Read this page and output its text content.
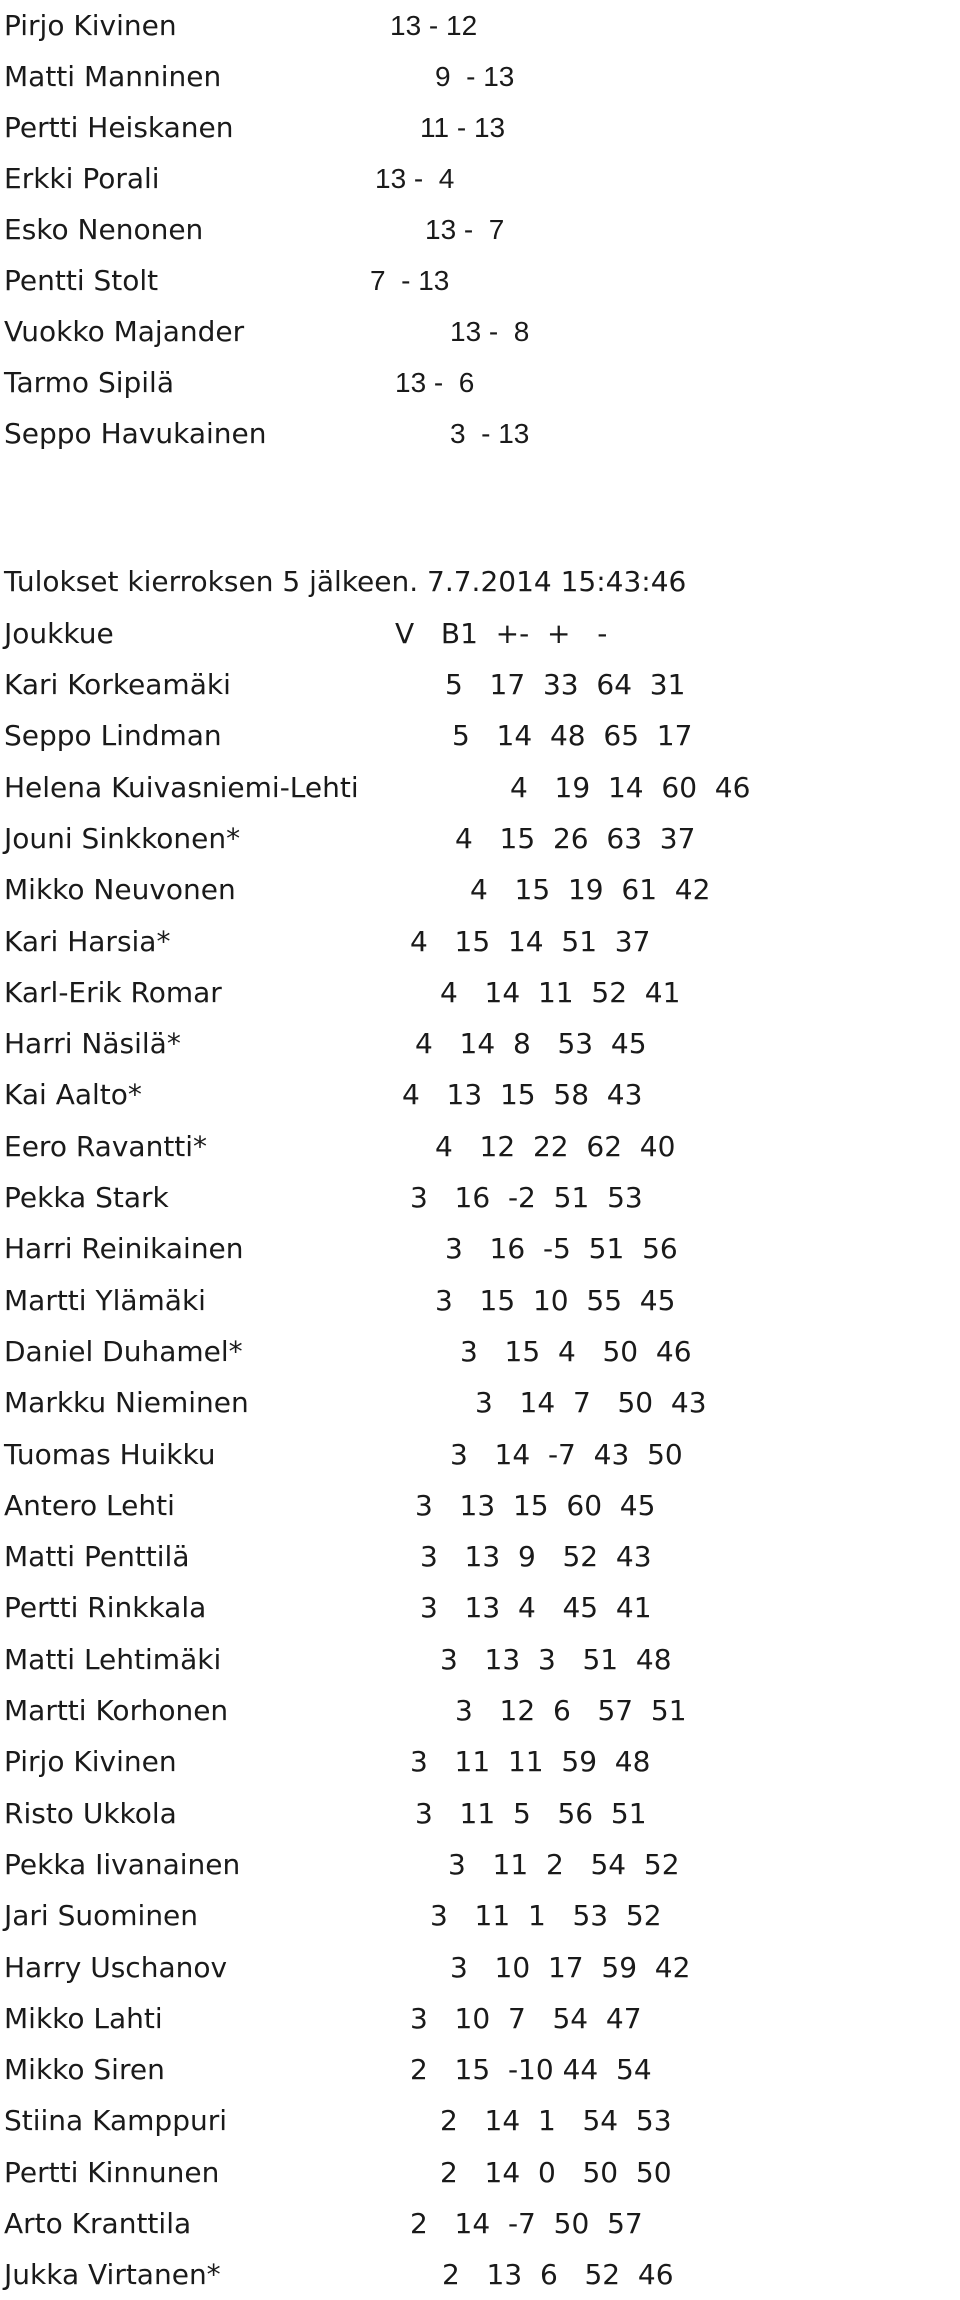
Pirjo Kivinen	13 - 12
Matti Manninen	9  - 13
Pertti Heiskanen	11 - 13
Erkki Porali	13 -  4
Esko Nenonen	13 -  7
Pentti Stolt	7  - 13
Vuokko Majander	13 -  8
Tarmo Sipilä	13 -  6
Seppo Havukainen	3  - 13
Tulokset kierroksen 5 jälkeen. 7.7.2014 15:43:46
Joukkue	V   B1  +-  +   -
Kari Korkeamäki	5   17  33  64  31
Seppo Lindman	5   14  48  65  17
Helena Kuivasniemi-Lehti	4   19  14  60  46
Jouni Sinkkonen*	4   15  26  63  37
Mikko Neuvonen	4   15  19  61  42
Kari Harsia*	4   15  14  51  37
Karl-Erik Romar	4   14  11  52  41
Harri Näsilä*	4   14  8   53  45
Kai Aalto*	4   13  15  58  43
Eero Ravantti*	4   12  22  62  40
Pekka Stark	3   16  -2  51  53
Harri Reinikainen	3   16  -5  51  56
Martti Ylämäki	3   15  10  55  45
Daniel Duhamel*	3   15  4   50  46
Markku Nieminen	3   14  7   50  43
Tuomas Huikku	3   14  -7  43  50
Antero Lehti	3   13  15  60  45
Matti Penttilä	3   13  9   52  43
Pertti Rinkkala	3   13  4   45  41
Matti Lehtimäki	3   13  3   51  48
Martti Korhonen	3   12  6   57  51
Pirjo Kivinen	3   11  11  59  48
Risto Ukkola	3   11  5   56  51
Pekka Iivanainen	3   11  2   54  52
Jari Suominen	3   11  1   53  52
Harry Uschanov	3   10  17  59  42
Mikko Lahti	3   10  7   54  47
Mikko Siren	2   15  -10 44  54
Stiina Kamppuri	2   14  1   54  53
Pertti Kinnunen	2   14  0   50  50
Arto Kranttila	2   14  -7  50  57
Jukka Virtanen*	2   13  6   52  46
